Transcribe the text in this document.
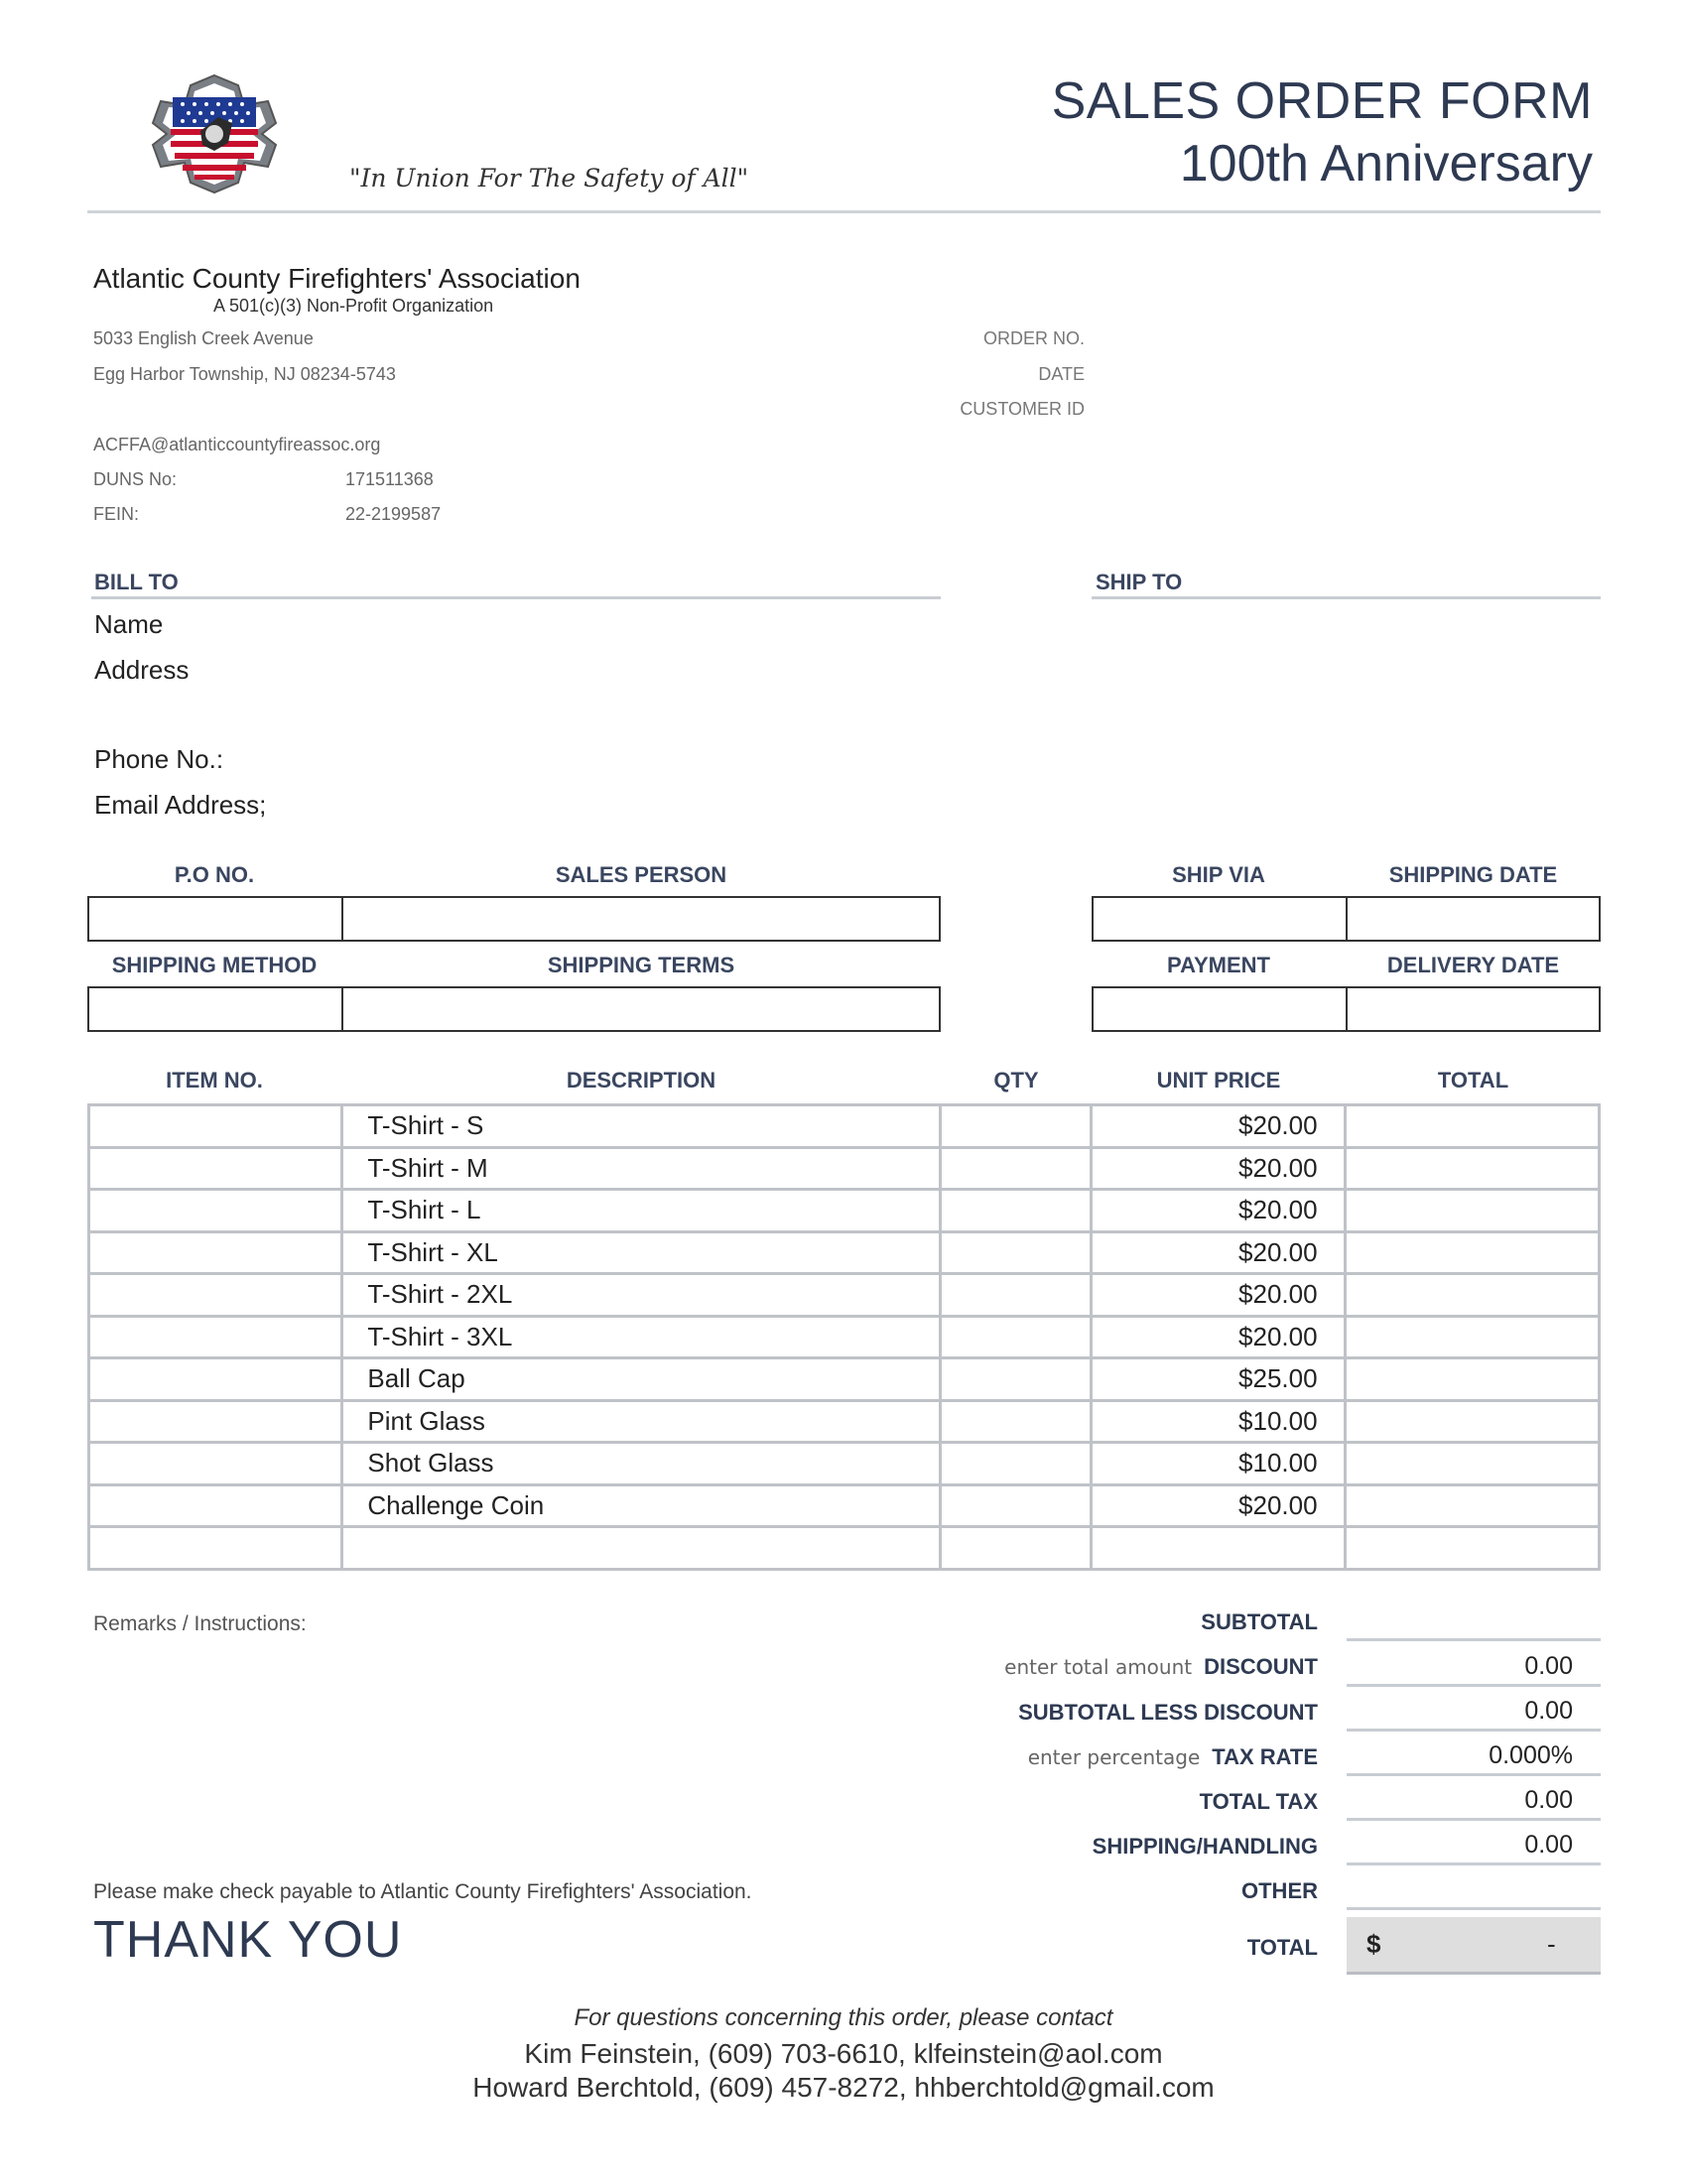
SALES ORDER FORM
100th Anniversary
"In Union For The Safety of All"
Atlantic County Firefighters' Association
A 501(c)(3) Non-Profit Organization
5033 English Creek Avenue
Egg Harbor Township, NJ 08234-5743
ACFFA@atlanticcountyfireassoc.org
DUNS No:	171511368
FEIN:	22-2199587
ORDER NO.
DATE
CUSTOMER ID
BILL TO	SHIP TO
Name
Address
Phone No.:
Email Address;
P.O NO.	SALES PERSON	SHIP VIA	SHIPPING DATE
SHIPPING METHOD	SHIPPING TERMS	PAYMENT	DELIVERY DATE
ITEM NO.	DESCRIPTION	QTY	UNIT PRICE	TOTAL
	T-Shirt - S		$20.00	
	T-Shirt - M		$20.00	
	T-Shirt - L		$20.00	
	T-Shirt - XL		$20.00	
	T-Shirt - 2XL		$20.00	
	T-Shirt - 3XL		$20.00	
	Ball Cap		$25.00	
	Pint Glass		$10.00	
	Shot Glass		$10.00	
	Challenge Coin		$20.00	

Remarks / Instructions:	SUBTOTAL
enter total amount DISCOUNT	0.00
SUBTOTAL LESS DISCOUNT	0.00
enter percentage TAX RATE	0.000%
TOTAL TAX	0.00
SHIPPING/HANDLING	0.00
OTHER
TOTAL $	-
Please make check payable to Atlantic County Firefighters' Association.
THANK YOU
For questions concerning this order, please contact
Kim Feinstein, (609) 703-6610, klfeinstein@aol.com
Howard Berchtold, (609) 457-8272, hhberchtold@gmail.com
